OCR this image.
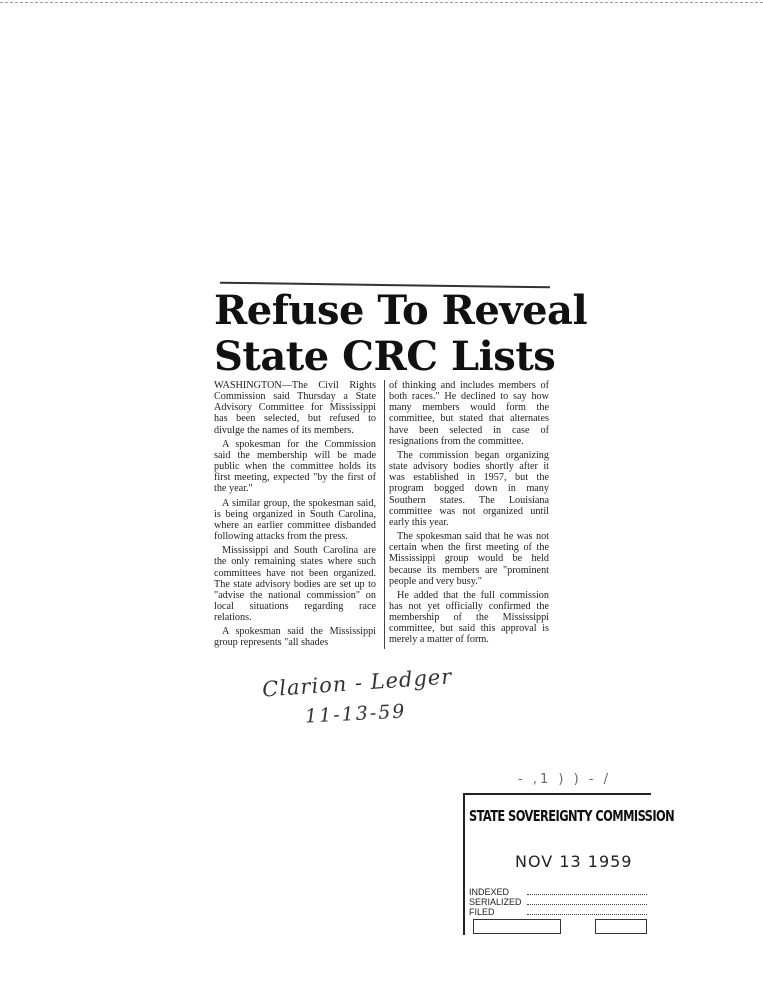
Refuse To Reveal
State CRC Lists

WASHINGTON—The Civil Rights Commission said Thursday a State Advisory Committee for Mississippi has been selected, but refused to divulge the names of its members.

A spokesman for the Commission said the membership will be made public when the committee holds its first meeting, expected "by the first of the year."

A similar group, the spokesman said, is being organized in South Carolina, where an earlier committee disbanded following attacks from the press.

Mississippi and South Carolina are the only remaining states where such committees have not been organized. The state advisory bodies are set up to "advise the national commission" on local situations regarding race relations.

A spokesman said the Mississippi group represents "all shades

of thinking and includes members of both races." He declined to say how many members would form the committee, but stated that alternates have been selected in case of resignations from the committee.

The commission began organizing state advisory bodies shortly after it was established in 1957, but the program bogged down in many Southern states. The Louisiana committee was not organized until early this year.

The spokesman said that he was not certain when the first meeting of the Mississippi group would be held because its members are "prominent people and very busy."

He added that the full commission has not yet officially confirmed the membership of the Mississippi committee, but said this approval is merely a matter of form.

Clarion - Ledger
11-13-59
- ,1 ) ) - /
STATE SOVEREIGNTY COMMISSION
NOV 13 1959
INDEXED
SERIALIZED
FILED
